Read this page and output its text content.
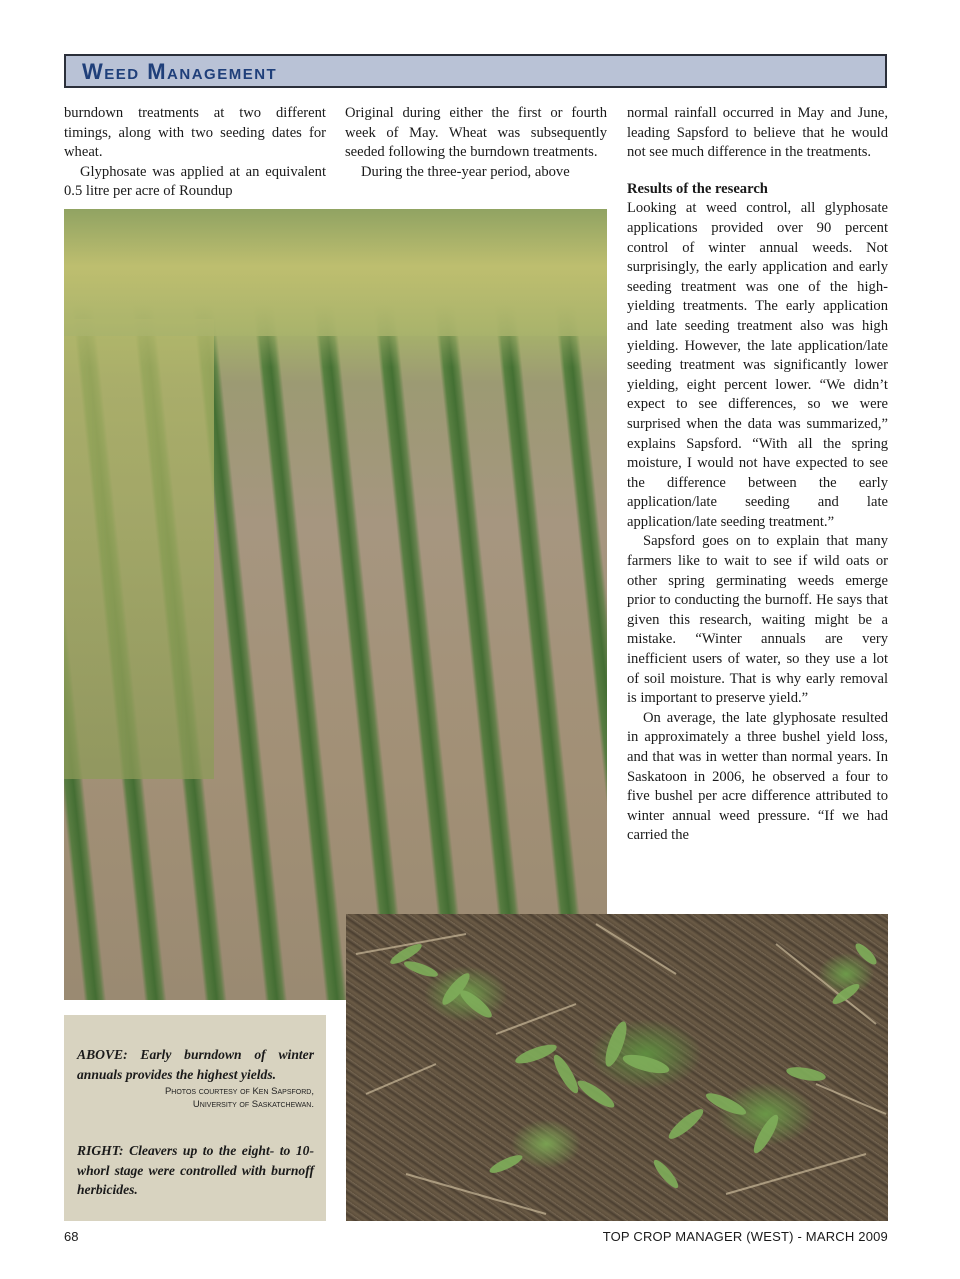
Weed Management

burndown treatments at two different timings, along with two seeding dates for wheat.

Glyphosate was applied at an equivalent 0.5 litre per acre of Roundup

Original during either the first or fourth week of May. Wheat was subsequently seeded following the burndown treatments.

During the three-year period, above

normal rainfall occurred in May and June, leading Sapsford to believe that he would not see much difference in the treatments.

Results of the research

Looking at weed control, all glyphosate applications provided over 90 percent control of winter annual weeds. Not surprisingly, the early application and early seeding treatment was one of the high-yielding treatments. The early application and late seeding treatment also was high yielding. However, the late application/late seeding treatment was significantly lower yielding, eight percent lower. “We didn’t expect to see differences, so we were surprised when the data was summarized,” explains Sapsford. “With all the spring moisture, I would not have expected to see the difference between the early application/late seeding and late application/late seeding treatment.”

Sapsford goes on to explain that many farmers like to wait to see if wild oats or other spring germinating weeds emerge prior to conducting the burnoff. He says that given this research, waiting might be a mistake. “Winter annuals are very inefficient users of water, so they use a lot of soil moisture. That is why early removal is important to preserve yield.”

On average, the late glyphosate resulted in approximately a three bushel yield loss, and that was in wetter than normal years. In Saskatoon in 2006, he observed a four to five bushel per acre difference attributed to winter annual weed pressure. “If we had carried the

ABOVE: Early burndown of winter annuals provides the highest yields.

Photos courtesy of Ken Sapsford,
University of Saskatchewan.

RIGHT: Cleavers up to the eight- to 10-whorl stage were controlled with burnoff herbicides.

68	TOP CROP MANAGER (WEST) - MARCH 2009
